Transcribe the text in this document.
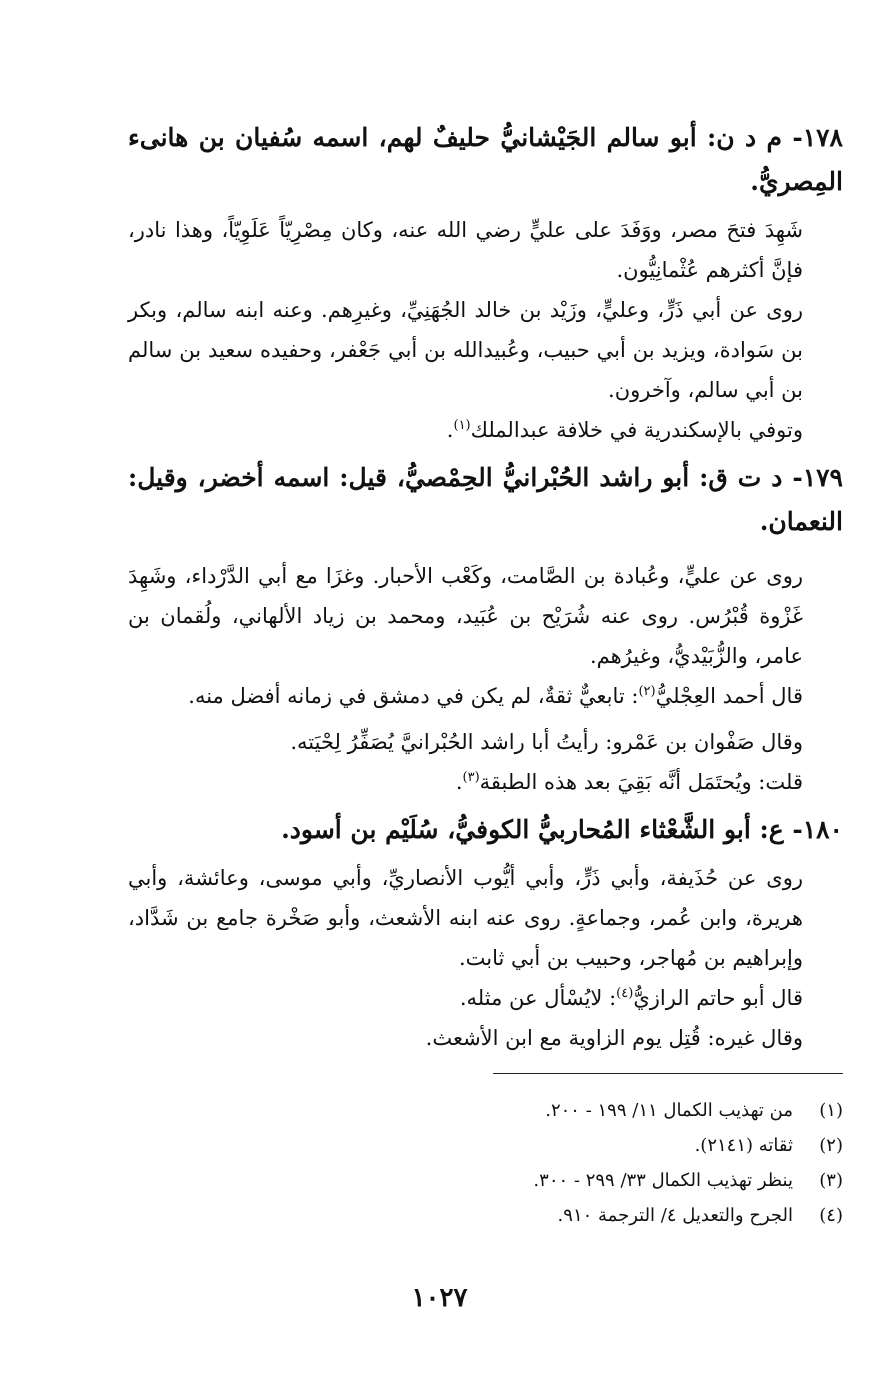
١٧٨- م د ن: أبو سالم الجَيْشانيُّ حليفٌ لهم، اسمه سُفيان بن هانىء المِصريُّ.

شَهِدَ فتحَ مصر، ووَفَدَ على عليٍّ رضي الله عنه، وكان مِصْرِيّاً عَلَوِيّاً، وهذا نادر، فإنَّ أكثرهم عُثْمانِيُّون.

روى عن أبي ذَرٍّ، وعليٍّ، وزَيْد بن خالد الجُهَنِيِّ، وغيرِهم. وعنه ابنه سالم، وبكر بن سَوادة، ويزيد بن أبي حبيب، وعُبيدالله بن أبي جَعْفر، وحفيده سعيد بن سالم بن أبي سالم، وآخرون.

وتوفي بالإسكندرية في خلافة عبدالملك$^{(١)}$.

١٧٩- د ت ق: أبو راشد الحُبْرانيُّ الحِمْصيُّ، قيل: اسمه أخضر، وقيل: النعمان.

روى عن عليٍّ، وعُبادة بن الصَّامت، وكَعْب الأحبار. وغزَا مع أبي الدَّرْداء، وشَهِدَ غَزْوة قُبْرُس. روى عنه شُرَيْح بن عُبَيد، ومحمد بن زياد الألهاني، ولُقمان بن عامر، والزُّبَيْديُّ، وغيرُهم.

قال أحمد العِجْليُّ$^{(٢)}$: تابعيٌّ ثقةٌ، لم يكن في دمشق في زمانه أفضل منه.

وقال صَفْوان بن عَمْرو: رأيتُ أبا راشد الحُبْرانيَّ يُصَفِّرُ لِحْيَته.

قلت: ويُحتَمَل أنَّه بَقِيَ بعد هذه الطبقة$^{(٣)}$.

١٨٠- ع: أبو الشَّعْثاء المُحاربيُّ الكوفيُّ، سُلَيْم بن أسود.

روى عن حُذَيفة، وأبي ذَرٍّ، وأبي أيُّوب الأنصاريِّ، وأبي موسى، وعائشة، وأبي هريرة، وابن عُمر، وجماعةٍ. روى عنه ابنه الأشعث، وأبو صَخْرة جامع بن شَدَّاد، وإبراهيم بن مُهاجر، وحبيب بن أبي ثابت.

قال أبو حاتم الرازيُّ$^{(٤)}$: لايُسْأل عن مثله.

وقال غيره: قُتِل يوم الزاوية مع ابن الأشعث.

(١)
من تهذيب الكمال ١١/ ١٩٩ - ٢٠٠.
(٢)
ثقاته (٢١٤١).
(٣)
ينظر تهذيب الكمال ٣٣/ ٢٩٩ - ٣٠٠.
(٤)
الجرح والتعديل ٤/ الترجمة ٩١٠.
١٠٢٧
